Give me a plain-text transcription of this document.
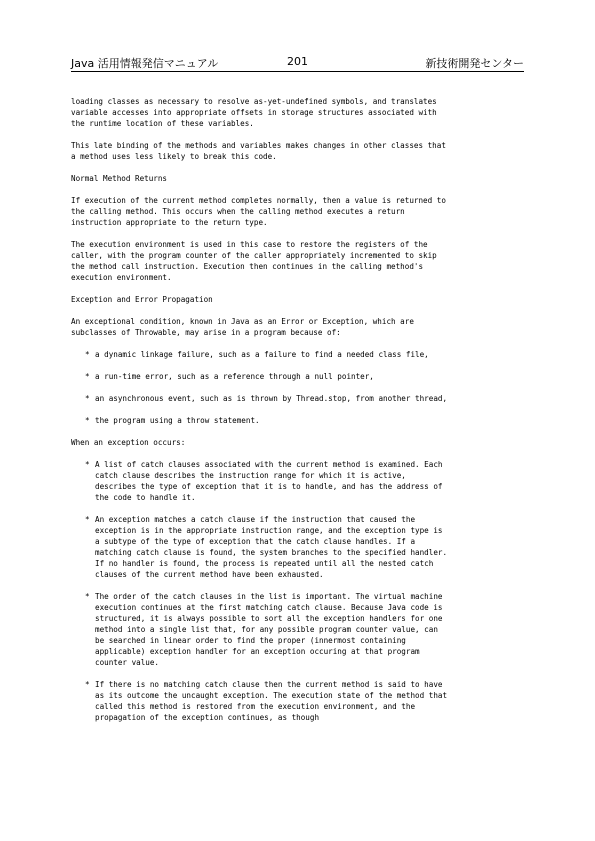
Java 活用情報発信マニュアル	201	新技術開発センター

loading classes as necessary to resolve as-yet-undefined symbols, and translates variable accesses into appropriate offsets in storage structures associated with the runtime location of these variables.

This late binding of the methods and variables makes changes in other classes that a method uses less likely to break this code.

Normal Method Returns

If execution of the current method completes normally, then a value is returned to the calling method. This occurs when the calling method executes a return instruction appropriate to the return type.

The execution environment is used in this case to restore the registers of the caller, with the program counter of the caller appropriately incremented to skip the method call instruction. Execution then continues in the calling method's execution environment.

Exception and Error Propagation

An exceptional condition, known in Java as an Error or Exception, which are subclasses of Throwable, may arise in a program because of:

* a dynamic linkage failure, such as a failure to find a needed class file,
* a run-time error, such as a reference through a null pointer,
* an asynchronous event, such as is thrown by Thread.stop, from another thread,
* the program using a throw statement.

When an exception occurs:

* A list of catch clauses associated with the current method is examined. Each catch clause describes the instruction range for which it is active, describes the type of exception that it is to handle, and has the address of the code to handle it.
* An exception matches a catch clause if the instruction that caused the exception is in the appropriate instruction range, and the exception type is a subtype of the type of exception that the catch clause handles. If a matching catch clause is found, the system branches to the specified handler. If no handler is found, the process is repeated until all the nested catch clauses of the current method have been exhausted.
* The order of the catch clauses in the list is important. The virtual machine execution continues at the first matching catch clause. Because Java code is structured, it is always possible to sort all the exception handlers for one method into a single list that, for any possible program counter value, can be searched in linear order to find the proper (innermost containing applicable) exception handler for an exception occuring at that program counter value.
* If there is no matching catch clause then the current method is said to have as its outcome the uncaught exception. The execution state of the method that called this method is restored from the execution environment, and the propagation of the exception continues, as though
